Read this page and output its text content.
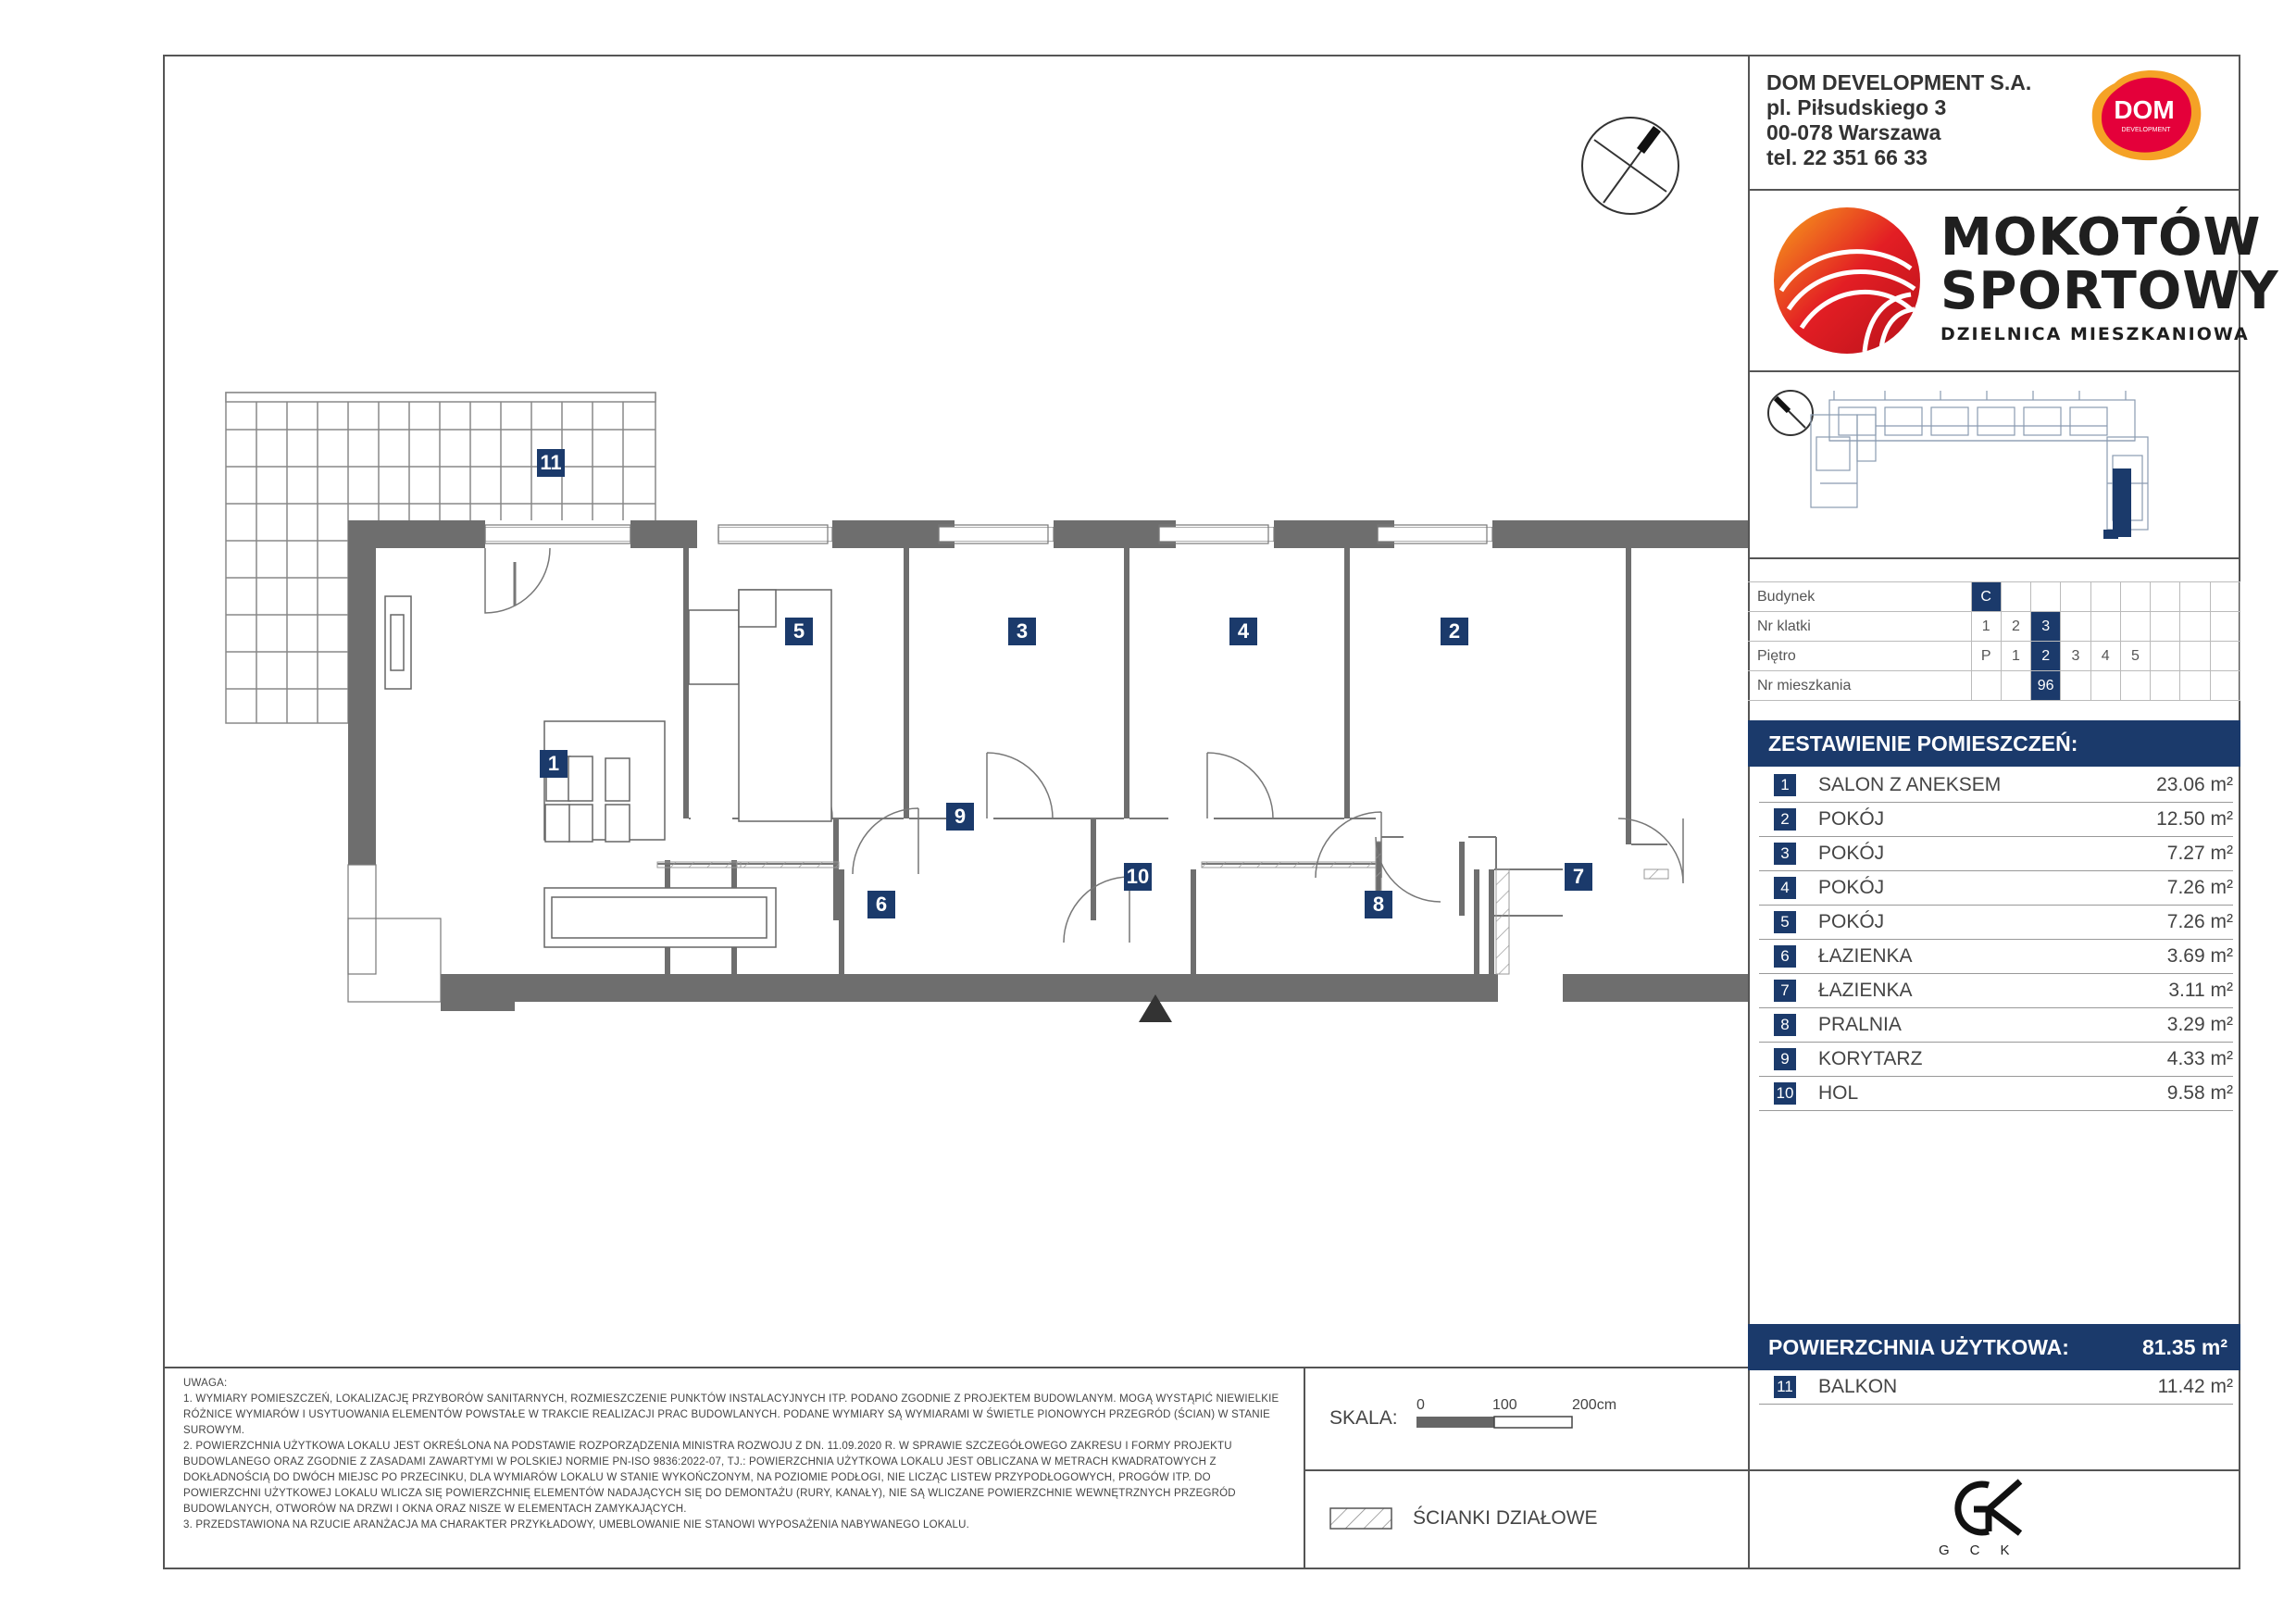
11
1
5	3	4	2
9
6
10
8
7
DOM DEVELOPMENT S.A.
pl. Piłsudskiego 3
00-078 Warszawa
tel. 22 351 66 33
DOM
DEVELOPMENT
MOKOTÓW
SPORTOWY
DZIELNICA MIESZKANIOWA
Budynek	C								
Nr klatki	1	2	3						
Piętro	P	1	2	3	4	5			
Nr mieszkania			96						
ZESTAWIENIE POMIESZCZEŃ:
1	SALON Z ANEKSEM	23.06 m²
2	POKÓJ	12.50 m²
3	POKÓJ	7.27 m²
4	POKÓJ	7.26 m²
5	POKÓJ	7.26 m²
6	ŁAZIENKA	3.69 m²
7	ŁAZIENKA	3.11 m²
8	PRALNIA	3.29 m²
9	KORYTARZ	4.33 m²
10 HOL	9.58 m²
POWIERZCHNIA UŻYTKOWA:	81.35 m²
11 BALKON	11.42 m²
GCK

UWAGA:

1. WYMIARY POMIESZCZEŃ, LOKALIZACJĘ PRZYBORÓW SANITARNYCH, ROZMIESZCZENIE PUNKTÓW INSTALACYJNYCH ITP. PODANO ZGODNIE Z PROJEKTEM BUDOWLANYM. MOGĄ WYSTĄPIĆ NIEWIELKIE RÓŻNICE WYMIARÓW I USYTUOWANIA ELEMENTÓW POWSTAŁE W TRAKCIE REALIZACJI PRAC BUDOWLANYCH. PODANE WYMIARY SĄ WYMIARAMI W ŚWIETLE PIONOWYCH PRZEGRÓD (ŚCIAN) W STANIE SUROWYM.

2. POWIERZCHNIA UŻYTKOWA LOKALU JEST OKREŚLONA NA PODSTAWIE ROZPORZĄDZENIA MINISTRA ROZWOJU Z DN. 11.09.2020 R. W SPRAWIE SZCZEGÓŁOWEGO ZAKRESU I FORMY PROJEKTU BUDOWLANEGO ORAZ ZGODNIE Z ZASADAMI ZAWARTYMI W POLSKIEJ NORMIE PN-ISO 9836:2022-07, TJ.: POWIERZCHNIA UŻYTKOWA LOKALU JEST OBLICZANA W METRACH KWADRATOWYCH Z DOKŁADNOŚCIĄ DO DWÓCH MIEJSC PO PRZECINKU, DLA WYMIARÓW LOKALU W STANIE WYKOŃCZONYM, NA POZIOMIE PODŁOGI, NIE LICZĄC LISTEW PRZYPODŁOGOWYCH, PROGÓW ITP. DO POWIERZCHNI UŻYTKOWEJ LOKALU WLICZA SIĘ POWIERZCHNIĘ ELEMENTÓW NADAJĄCYCH SIĘ DO DEMONTAŻU (RURY, KANAŁY), NIE SĄ WLICZANE POWIERZCHNIE WEWNĘTRZNYCH PRZEGRÓD BUDOWLANYCH, OTWORÓW NA DRZWI I OKNA ORAZ NISZE W ELEMENTACH ZAMYKAJĄCYCH.

3. PRZEDSTAWIONA NA RZUCIE ARANŻACJA MA CHARAKTER PRZYKŁADOWY, UMEBLOWANIE NIE STANOWI WYPOSAŻENIA NABYWANEGO LOKALU.

SKALA:
0	100	200cm
ŚCIANKI DZIAŁOWE
